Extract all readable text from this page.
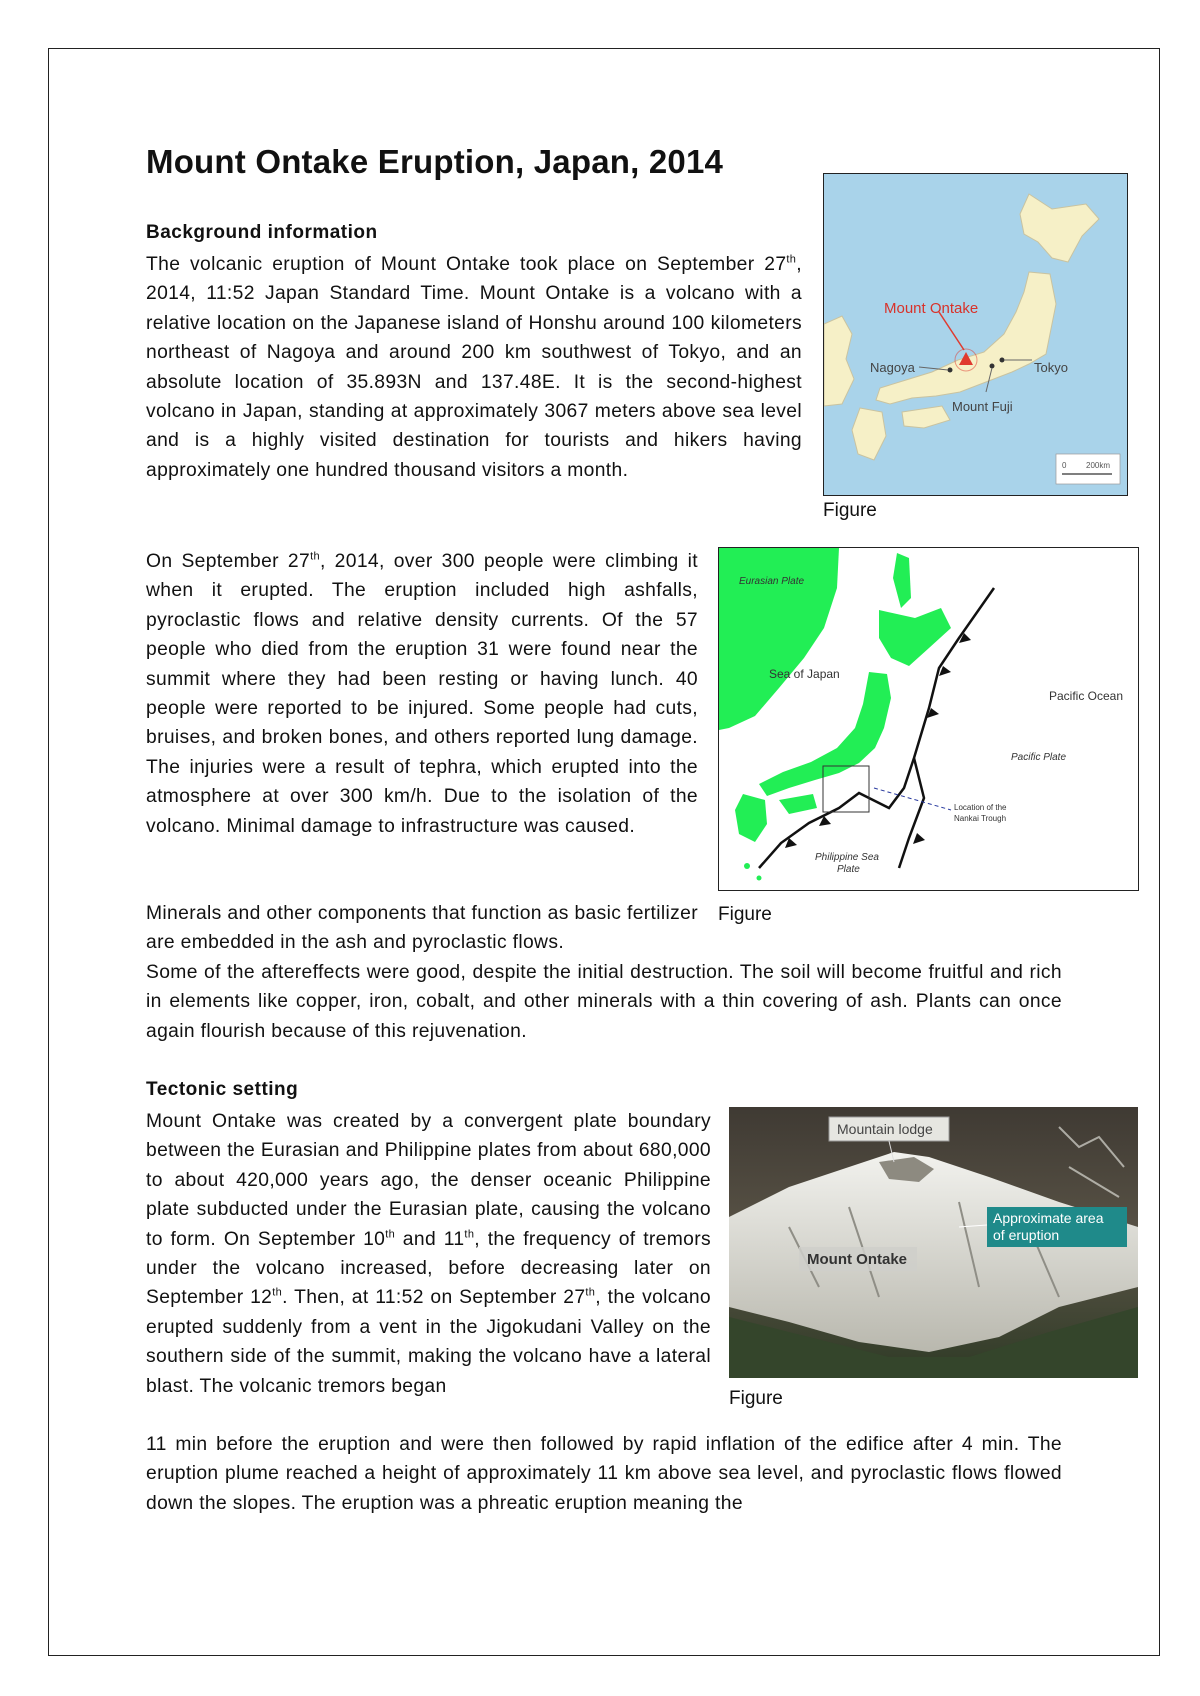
Mount Ontake Eruption, Japan, 2014
Background information
The volcanic eruption of Mount Ontake took place on September 27th, 2014, 11:52 Japan Standard Time. Mount Ontake is a volcano with a relative location on the Japanese island of Honshu around 100 kilometers northeast of Nagoya and around 200 km southwest of Tokyo, and an absolute location of 35.893N and 137.48E. It is the second-highest volcano in Japan, standing at approximately 3067 meters above sea level and is a highly visited destination for tourists and hikers having approximately one hundred thousand visitors a month.
On September 27th, 2014, over 300 people were climbing it when it erupted. The eruption included high ashfalls, pyroclastic flows and relative density currents. Of the 57 people who died from the eruption 31 were found near the summit where they had been resting or having lunch. 40 people were reported to be injured. Some people had cuts, bruises, and broken bones, and others reported lung damage. The injuries were a result of tephra, which erupted into the atmosphere at over 300 km/h. Due to the isolation of the volcano. Minimal damage to infrastructure was caused.
Minerals and other components that function as basic fertilizer are embedded in the ash and pyroclastic flows.
Some of the aftereffects were good, despite the initial destruction. The soil will become fruitful and rich in elements like copper, iron, cobalt, and other minerals with a thin covering of ash. Plants can once again flourish because of this rejuvenation.
Tectonic setting
Mount Ontake was created by a convergent plate boundary between the Eurasian and Philippine plates from about 680,000 to about 420,000 years ago, the denser oceanic Philippine plate subducted under the Eurasian plate, causing the volcano to form. On September 10th and 11th, the frequency of tremors under the volcano increased, before decreasing later on September 12th. Then, at 11:52 on September 27th, the volcano erupted suddenly from a vent in the Jigokudani Valley on the southern side of the summit, making the volcano have a lateral blast. The volcanic tremors began
11 min before the eruption and were then followed by rapid inflation of the edifice after 4 min. The eruption plume reached a height of approximately 11 km above sea level, and pyroclastic flows flowed down the slopes. The eruption was a phreatic eruption meaning the
Mount Ontake
Nagoya	Tokyo
Mount Fuji
0 200km
Figure
Eurasian Plate
Sea of Japan
Pacific Ocean
Pacific Plate
Philippine Sea
Plate
Location of the
Nankai Trough
Figure
Mountain lodge
Approximate area
of eruption
Mount Ontake
Figure
